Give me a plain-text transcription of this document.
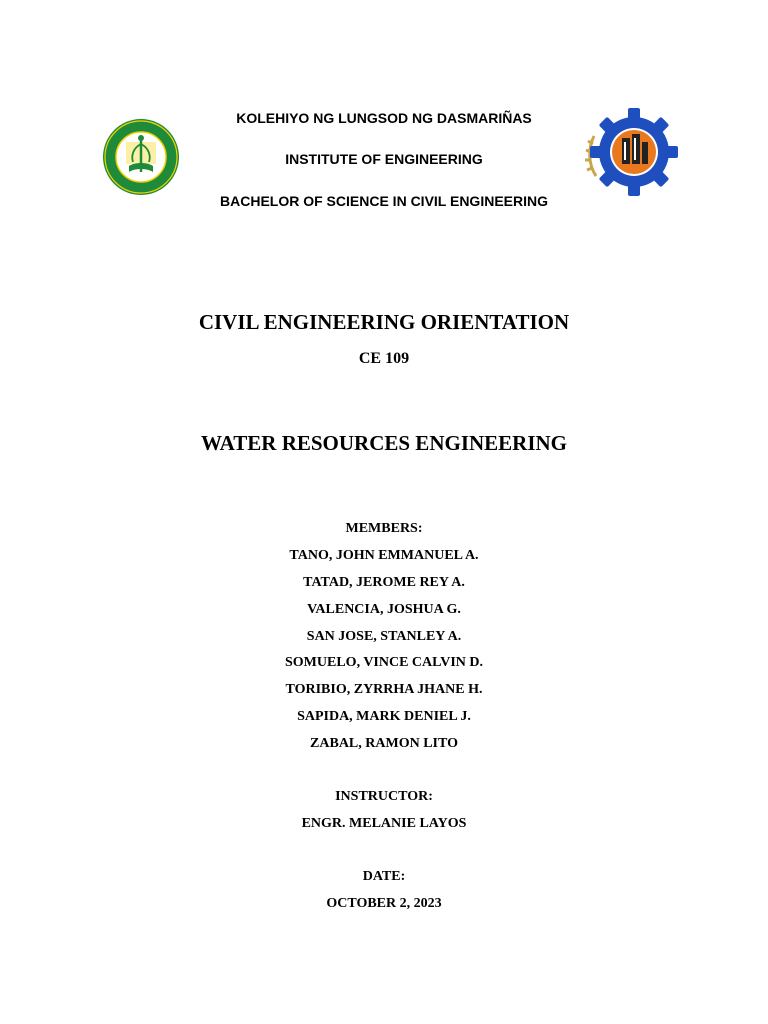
KOLEHIYO NG LUNGSOD NG DASMARIÑAS
INSTITUTE OF ENGINEERING
BACHELOR OF SCIENCE IN CIVIL ENGINEERING
CIVIL ENGINEERING ORIENTATION
CE 109
WATER RESOURCES ENGINEERING
MEMBERS:
TANO, JOHN EMMANUEL A.
TATAD, JEROME REY A.
VALENCIA, JOSHUA G.
SAN JOSE, STANLEY A.
SOMUELO, VINCE CALVIN D.
TORIBIO, ZYRRHA JHANE H.
SAPIDA, MARK DENIEL J.
ZABAL, RAMON LITO
INSTRUCTOR:
ENGR. MELANIE LAYOS
DATE:
OCTOBER 2, 2023
